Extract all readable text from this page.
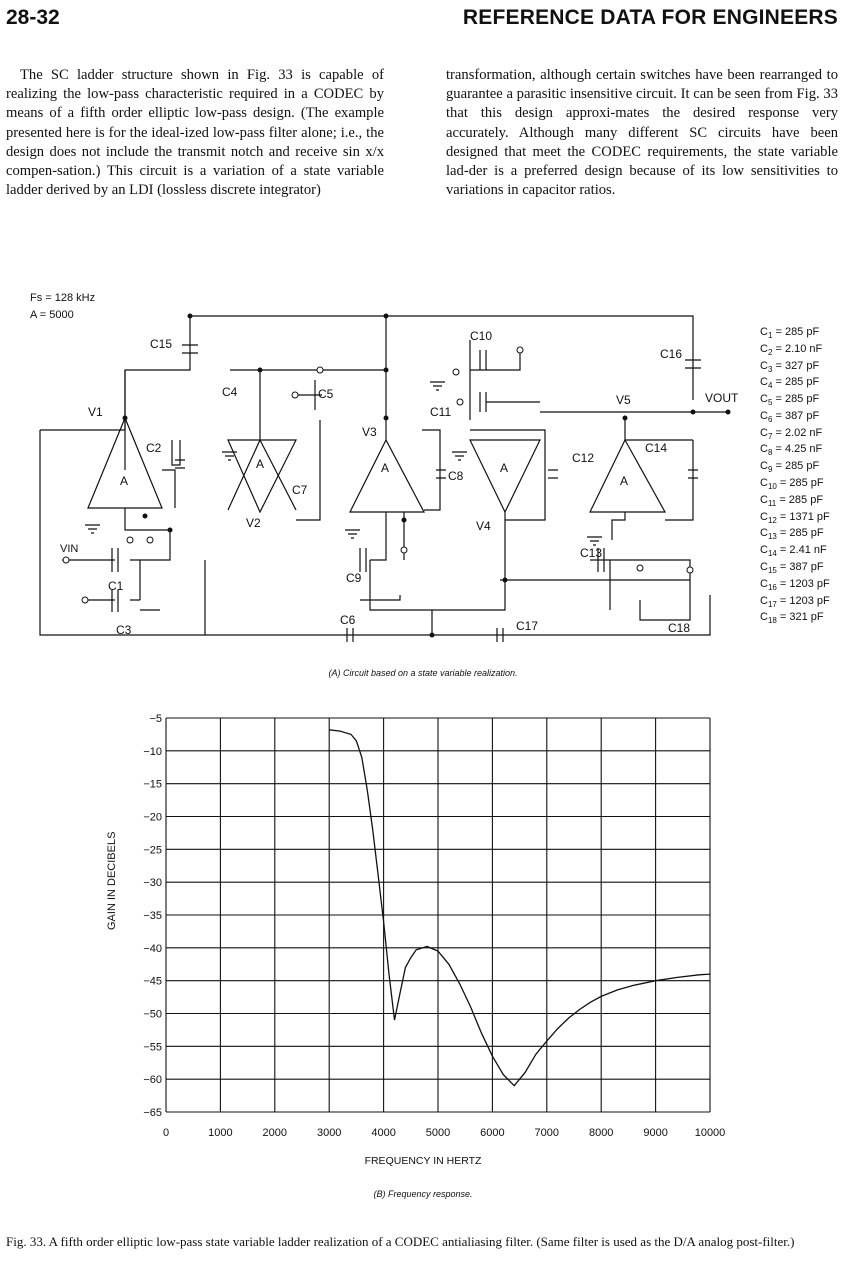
28-32	REFERENCE DATA FOR ENGINEERS
The SC ladder structure shown in Fig. 33 is capable of realizing the low-pass characteristic required in a CODEC by means of a fifth order elliptic low-pass design. (The example presented here is for the ideal-ized low-pass filter alone; i.e., the design does not include the transmit notch and receive sin x/x compen-sation.) This circuit is a variation of a state variable ladder derived by an LDI (lossless discrete integrator)
transformation, although certain switches have been rearranged to guarantee a parasitic insensitive circuit. It can be seen from Fig. 33 that this design approxi-mates the desired response very accurately. Although many different SC circuits have been designed that meet the CODEC requirements, the state variable lad-der is a preferred design because of its low sensitivities to variations in capacitor ratios.
Fs = 128 kHz
A = 5000
C15
C10
C16
C4	C5
C11
V5	VOUT
V1
V3
C2
C12
C14
C8
C7
A
A	A	A
A
V2	V4
VIN	C13
C1
C9
C3
C6	C17	C18
$C_1 = 285$ pF
$C_2 = 2.10$ nF
$C_3 = 327$ pF
$C_4 = 285$ pF
$C_5 = 285$ pF
$C_6 = 387$ pF
$C_7 = 2.02$ nF
$C_8 = 4.25$ nF
$C_9 = 285$ pF
$C_{10} = 285$ pF
$C_{11} = 285$ pF
$C_{12} = 1371$ pF
$C_{13} = 285$ pF
$C_{14} = 2.41$ nF
$C_{15} = 387$ pF
$C_{16} = 1203$ pF
$C_{17} = 1203$ pF
$C_{18} = 321$ pF
(A) Circuit based on a state variable realization.
−5
−10
−15
−20
−25
−30
−35
−40
−45
−50
−55
−60
−65
0	1000	2000	3000	4000	5000	6000	7000	8000	9000 10000
GAIN IN DECIBELS
FREQUENCY IN HERTZ
(B) Frequency response.
Fig. 33. A fifth order elliptic low-pass state variable ladder realization of a CODEC antialiasing filter. (Same filter is used as the D/A analog post-filter.)
